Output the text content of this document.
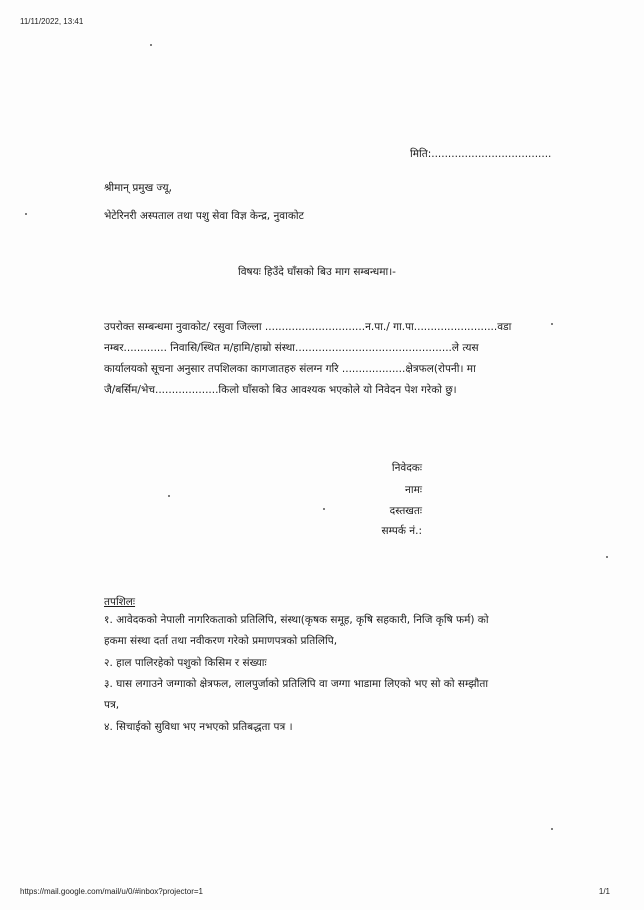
11/11/2022, 13:41
मिति:....................................
श्रीमान् प्रमुख ज्यू,
भेटेरिनरी अस्पताल तथा पशु सेवा विज्ञ केन्द्र, नुवाकोट
विषयः हिउँदे घाँसको बिउ माग सम्बन्धमा।-
उपरोक्त सम्बन्धमा नुवाकोट/ रसुवा जिल्ला ..............................न.पा./ गा.पा.........................वडा
नम्बर............. निवासि/स्थित म/हामि/हाम्रो संस्था...............................................ले त्यस
कार्यालयको सूचना अनुसार तपशिलका कागजातहरु संलग्न गरि ...................क्षेत्रफल(रोपनी। मा
जै/बर्सिम/भेच...................किलो घाँसको बिउ आवश्यक भएकोले यो निवेदन पेश गरेको छु।
निवेदकः
नामः
दस्तखतः
सम्पर्क नं.:
तपशिलः
१. आवेदकको नेपाली नागरिकताको प्रतिलिपि, संस्था(कृषक समूह, कृषि सहकारी, निजि कृषि फर्म) को
हकमा संस्था दर्ता तथा नवीकरण गरेको प्रमाणपत्रको प्रतिलिपि,
२. हाल पालिरहेको पशुको किसिम र संख्याः
३. घास लगाउने जग्गाको क्षेत्रफल, लालपुर्जाको प्रतिलिपि वा जग्गा भाडामा लिएको भए सो को सम्झौता
पत्र,
४. सिचाईको सुविधा भए नभएको प्रतिबद्धता पत्र ।
https://mail.google.com/mail/u/0/#inbox?projector=1	1/1
